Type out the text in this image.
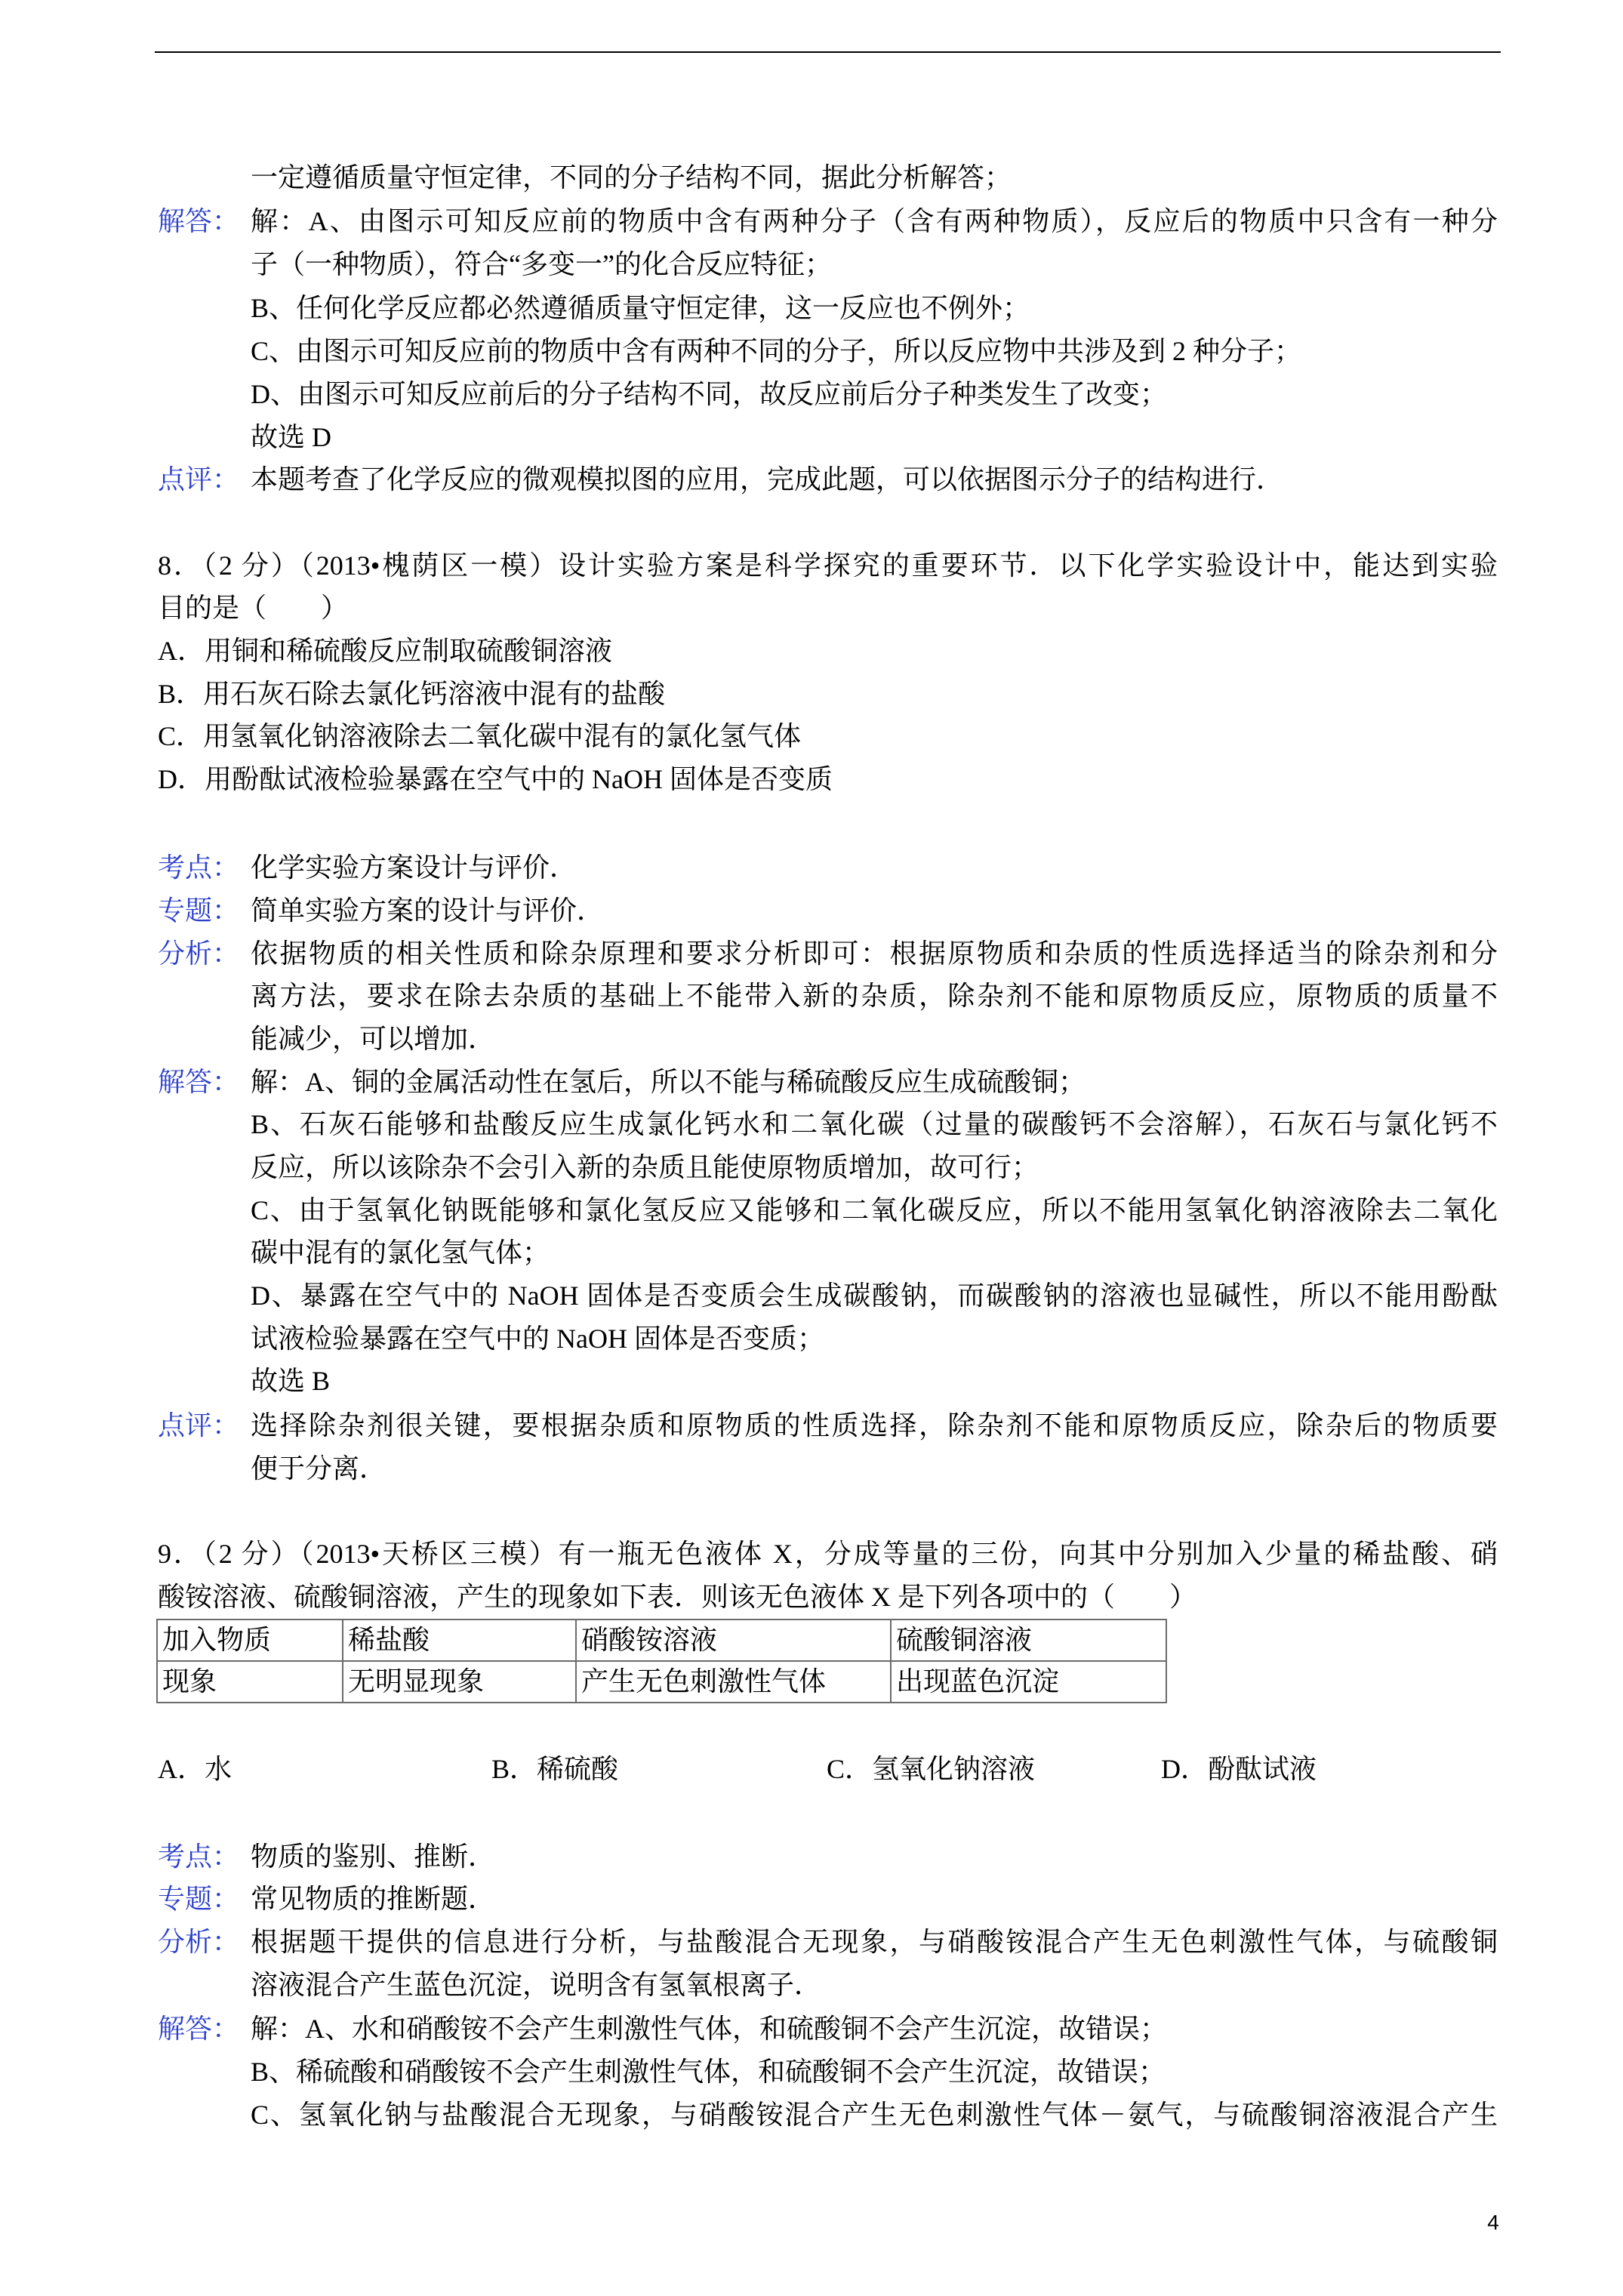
一定遵循质量守恒定律，不同的分子结构不同，据此分析解答；
解答： 解：A、由图示可知反应前的物质中含有两种分子（含有两种物质），反应后的物质中只含有一种分
子（一种物质），符合“多变一”的化合反应特征；
B、任何化学反应都必然遵循质量守恒定律，这一反应也不例外；
C、由图示可知反应前的物质中含有两种不同的分子，所以反应物中共涉及到 2 种分子；
D、由图示可知反应前后的分子结构不同，故反应前后分子种类发生了改变；
故选 D
点评： 本题考查了化学反应的微观模拟图的应用，完成此题，可以依据图示分子的结构进行．
8．（2 分）（2013•槐荫区一模）设计实验方案是科学探究的重要环节．以下化学实验设计中，能达到实验
目的是（　　）
A．用铜和稀硫酸反应制取硫酸铜溶液
B．用石灰石除去氯化钙溶液中混有的盐酸
C．用氢氧化钠溶液除去二氧化碳中混有的氯化氢气体
D．用酚酞试液检验暴露在空气中的 NaOH 固体是否变质
考点： 化学实验方案设计与评价．
专题： 简单实验方案的设计与评价．
分析： 依据物质的相关性质和除杂原理和要求分析即可：根据原物质和杂质的性质选择适当的除杂剂和分
离方法，要求在除去杂质的基础上不能带入新的杂质，除杂剂不能和原物质反应，原物质的质量不
能减少，可以增加．
解答： 解：A、铜的金属活动性在氢后，所以不能与稀硫酸反应生成硫酸铜；
B、石灰石能够和盐酸反应生成氯化钙水和二氧化碳（过量的碳酸钙不会溶解），石灰石与氯化钙不
反应，所以该除杂不会引入新的杂质且能使原物质增加，故可行；
C、由于氢氧化钠既能够和氯化氢反应又能够和二氧化碳反应，所以不能用氢氧化钠溶液除去二氧化
碳中混有的氯化氢气体；
D、暴露在空气中的 NaOH 固体是否变质会生成碳酸钠，而碳酸钠的溶液也显碱性，所以不能用酚酞
试液检验暴露在空气中的 NaOH 固体是否变质；
故选 B
点评： 选择除杂剂很关键，要根据杂质和原物质的性质选择，除杂剂不能和原物质反应，除杂后的物质要
便于分离．
9．（2 分）（2013•天桥区三模）有一瓶无色液体 X，分成等量的三份，向其中分别加入少量的稀盐酸、硝
酸铵溶液、硫酸铜溶液，产生的现象如下表．则该无色液体 X 是下列各项中的（　　）
加入物质	稀盐酸	硝酸铵溶液	硫酸铜溶液
现象	无明显现象	产生无色刺激性气体	出现蓝色沉淀
A．水	B．稀硫酸	C．氢氧化钠溶液	D．酚酞试液
考点： 物质的鉴别、推断．
专题： 常见物质的推断题．
分析： 根据题干提供的信息进行分析，与盐酸混合无现象，与硝酸铵混合产生无色刺激性气体，与硫酸铜
溶液混合产生蓝色沉淀，说明含有氢氧根离子．
解答： 解：A、水和硝酸铵不会产生刺激性气体，和硫酸铜不会产生沉淀，故错误；
B、稀硫酸和硝酸铵不会产生刺激性气体，和硫酸铜不会产生沉淀，故错误；
C、氢氧化钠与盐酸混合无现象，与硝酸铵混合产生无色刺激性气体－氨气，与硫酸铜溶液混合产生
4
